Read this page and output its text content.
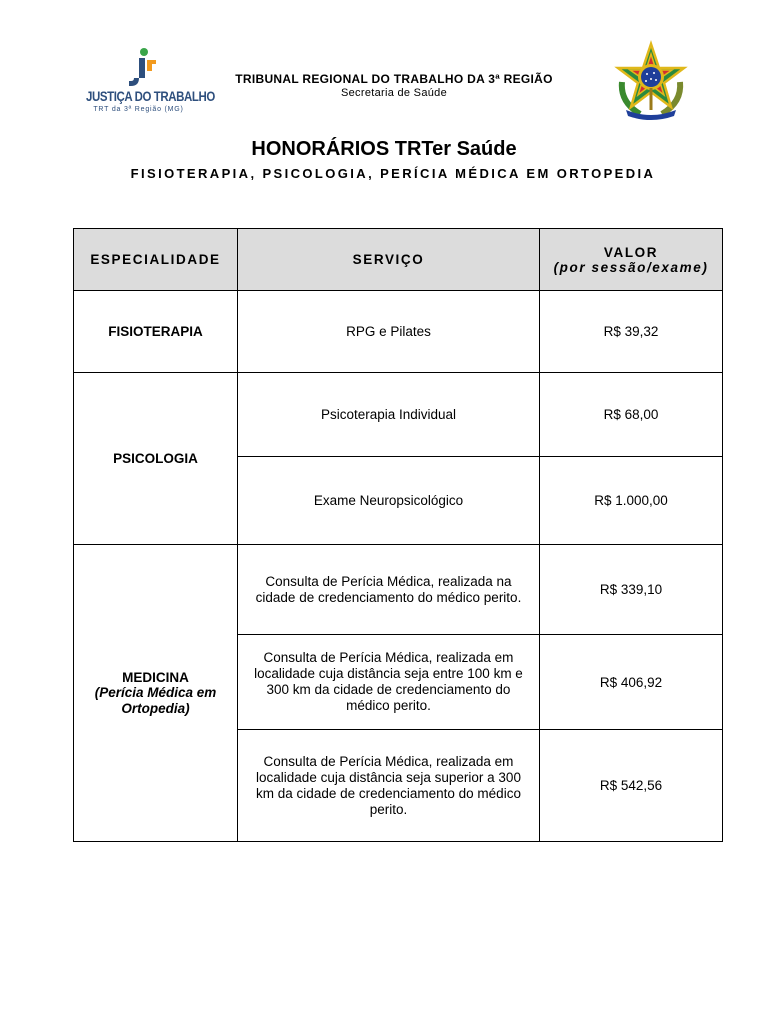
JUSTIÇA DO TRABALHO
TRT da 3ª Região (MG)
TRIBUNAL REGIONAL DO TRABALHO DA 3ª REGIÃO
Secretaria de Saúde
HONORÁRIOS TRTer Saúde
FISIOTERAPIA, PSICOLOGIA, PERÍCIA MÉDICA EM ORTOPEDIA
ESPECIALIDADE	SERVIÇO	VALOR
(por sessão/exame)

FISIOTERAPIA	RPG e Pilates	R$ 39,32
PSICOLOGIA	Psicoterapia Individual	R$ 68,00
	Exame Neuropsicológico	R$ 1.000,00
MEDICINA
(Perícia Médica em Ortopedia)	Consulta de Perícia Médica, realizada na cidade de credenciamento do médico perito.	R$ 339,10
	Consulta de Perícia Médica, realizada em localidade cuja distância seja entre 100 km e 300 km da cidade de credenciamento do médico perito.	R$ 406,92
	Consulta de Perícia Médica, realizada em localidade cuja distância seja superior a 300 km da cidade de credenciamento do médico perito.	R$ 542,56
